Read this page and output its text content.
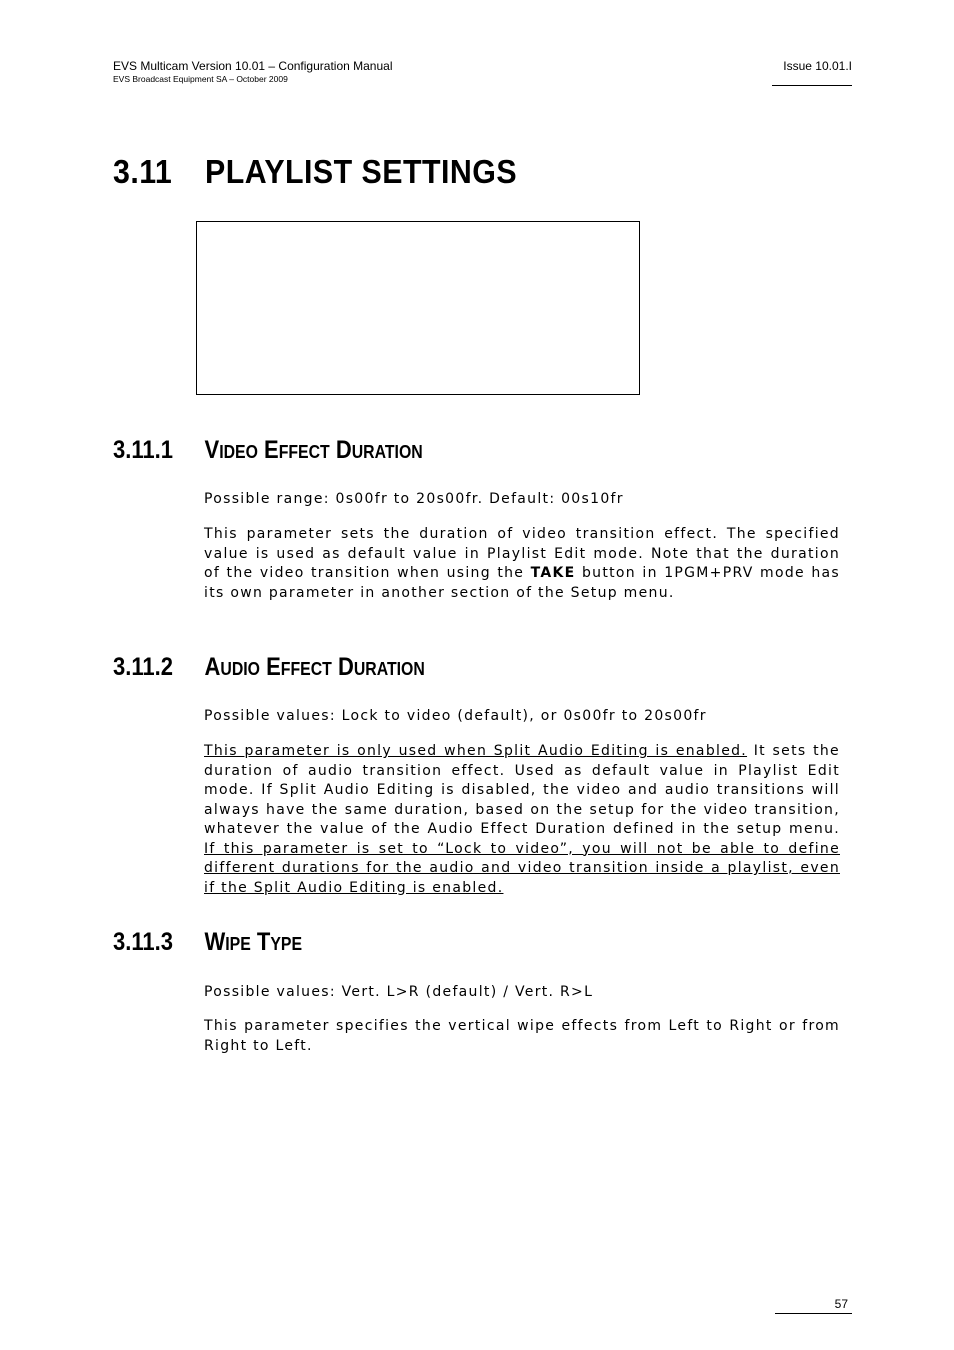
EVS Multicam Version 10.01 – Configuration Manual
EVS Broadcast Equipment SA – October 2009
Issue 10.01.I
3.11 PLAYLIST SETTINGS
3.11.1 Video Effect Duration

Possible range: 0s00fr to 20s00fr. Default: 00s10fr

This parameter sets the duration of video transition effect. The specified value is used as default value in Playlist Edit mode. Note that the duration of the video transition when using the TAKE button in 1PGM+PRV mode has its own parameter in another section of the Setup menu.

3.11.2 Audio Effect Duration

Possible values: Lock to video (default), or 0s00fr to 20s00fr

This parameter is only used when Split Audio Editing is enabled. It sets the duration of audio transition effect. Used as default value in Playlist Edit mode. If Split Audio Editing is disabled, the video and audio transitions will always have the same duration, based on the setup for the video transition, whatever the value of the Audio Effect Duration defined in the setup menu. If this parameter is set to “Lock to video”, you will not be able to define different durations for the audio and video transition inside a playlist, even if the Split Audio Editing is enabled.

3.11.3 Wipe Type

Possible values: Vert. L>R (default) / Vert. R>L

This parameter specifies the vertical wipe effects from Left to Right or from Right to Left.

57
